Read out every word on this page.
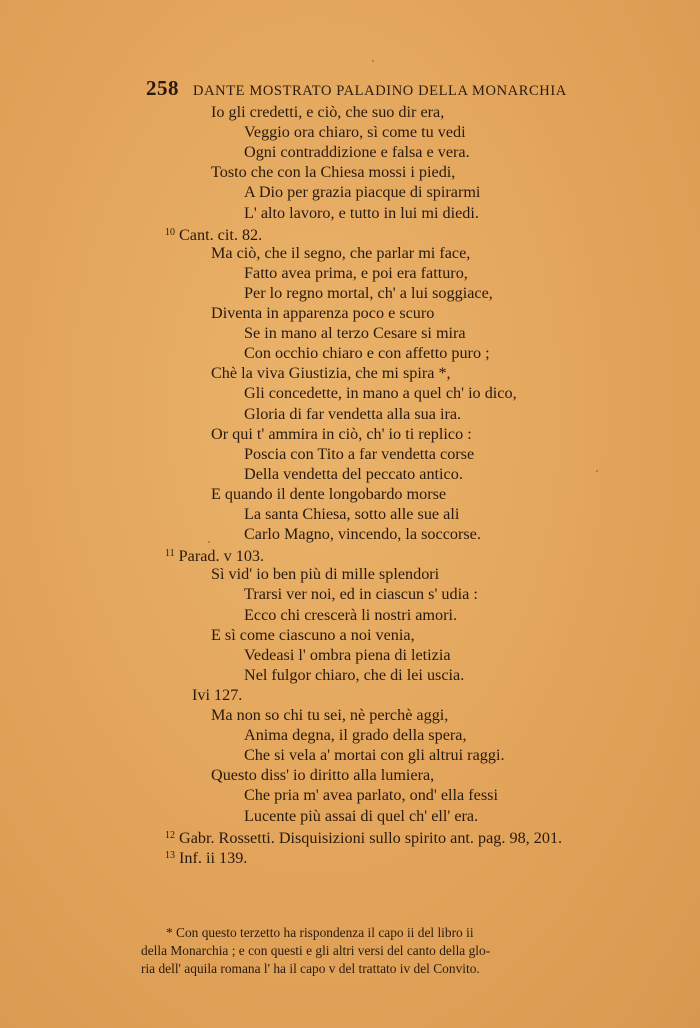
258 DANTE MOSTRATO PALADINO DELLA MONARCHIA
Io gli credetti, e ciò, che suo dir era,
Veggio ora chiaro, sì come tu vedi
Ogni contraddizione e falsa e vera.
Tosto che con la Chiesa mossi i piedi,
A Dio per grazia piacque di spirarmi
L' alto lavoro, e tutto in lui mi diedi.
$^{10}$ Cant. cit. 82.
Ma ciò, che il segno, che parlar mi face,
Fatto avea prima, e poi era fatturo,
Per lo regno mortal, ch' a lui soggiace,
Diventa in apparenza poco e scuro
Se in mano al terzo Cesare si mira
Con occhio chiaro e con affetto puro ;
Chè la viva Giustizia, che mi spira *,
Gli concedette, in mano a quel ch' io dico,
Gloria di far vendetta alla sua ira.
Or qui t' ammira in ciò, ch' io ti replico :
Poscia con Tito a far vendetta corse
Della vendetta del peccato antico.
E quando il dente longobardo morse
La santa Chiesa, sotto alle sue ali
Carlo Magno, vincendo, la soccorse.
$^{11}$ Parad. v 103.
Sì vid' io ben più di mille splendori
Trarsi ver noi, ed in ciascun s' udia :
Ecco chi crescerà li nostri amori.
E sì come ciascuno a noi venia,
Vedeasi l' ombra piena di letizia
Nel fulgor chiaro, che di lei uscia.
Ivi 127.
Ma non so chi tu sei, nè perchè aggi,
Anima degna, il grado della spera,
Che si vela a' mortai con gli altrui raggi.
Questo diss' io diritto alla lumiera,
Che pria m' avea parlato, ond' ella fessi
Lucente più assai di quel ch' ell' era.
$^{12}$ Gabr. Rossetti. Disquisizioni sullo spirito ant. pag. 98, 201.
$^{13}$ Inf. ii 139.
* Con questo terzetto ha rispondenza il capo ii del libro ii
della Monarchia ; e con questi e gli altri versi del canto della glo-
ria dell' aquila romana l' ha il capo v del trattato iv del Convito.
